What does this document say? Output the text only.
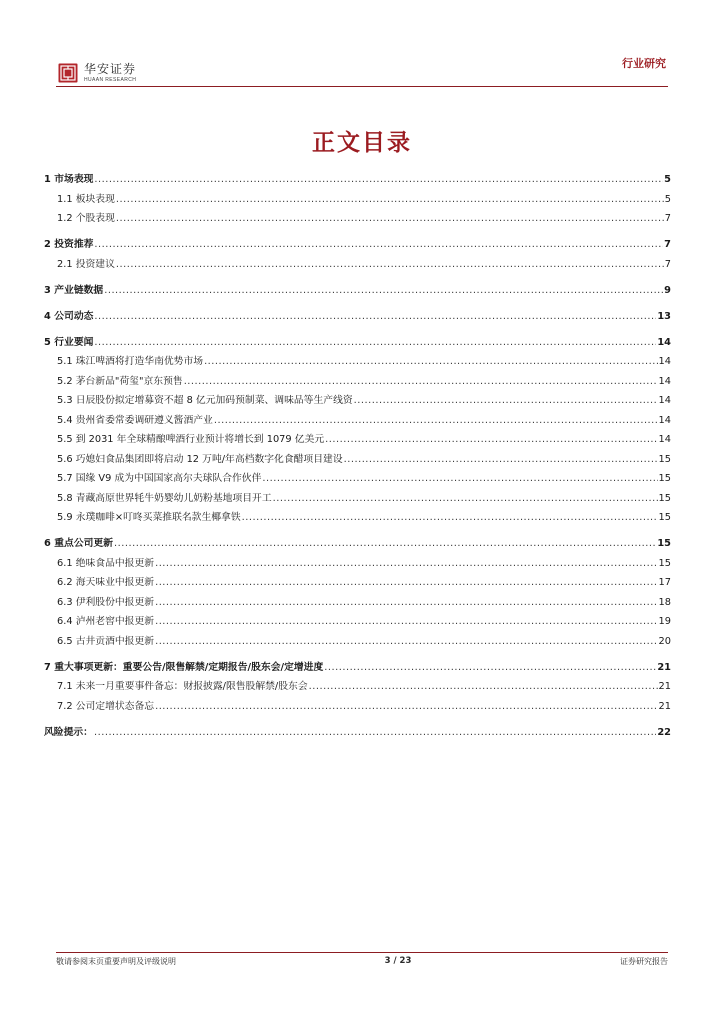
华安证券
HUAAN RESEARCH
行业研究
正文目录
1 市场表现 .....	5
1.1 板块表现 .....	5
1.2 个股表现 .....	7
2 投资推荐 .....	7
2.1 投资建议 .....	7
3 产业链数据 .....	9
4 公司动态 .....	13
5 行业要闻 .....	14
5.1 珠江啤酒将打造华南优势市场 .....	14
5.2 茅台新品"荷玺"京东预售 .....	14
5.3 日辰股份拟定增募资不超 8 亿元加码预制菜、调味品等生产线资 .....	14
5.4 贵州省委常委调研遵义酱酒产业 .....	14
5.5 到 2031 年全球精酿啤酒行业预计将增长到 1079 亿美元 .....	14
5.6 巧媳妇食品集团即将启动 12 万吨/年高档数字化食醋项目建设 .....	15
5.7 国缘 V9 成为中国国家高尔夫球队合作伙伴 .....	15
5.8 青藏高原世界牦牛奶婴幼儿奶粉基地项目开工 .....	15
5.9 永璞咖啡×叮咚买菜推联名款生椰拿铁 .....	15
6 重点公司更新 .....	15
6.1 绝味食品中报更新 .....	15
6.2 海天味业中报更新 .....	17
6.3 伊利股份中报更新 .....	18
6.4 泸州老窖中报更新 .....	19
6.5 古井贡酒中报更新 .....	20
7 重大事项更新：重要公告/限售解禁/定期报告/股东会/定增进度 .....	21
7.1 未来一月重要事件备忘：财报披露/限售股解禁/股东会 .....	21
7.2 公司定增状态备忘 .....	21
风险提示： .....	22
敬请参阅末页重要声明及评级说明	3 / 23	证券研究报告
